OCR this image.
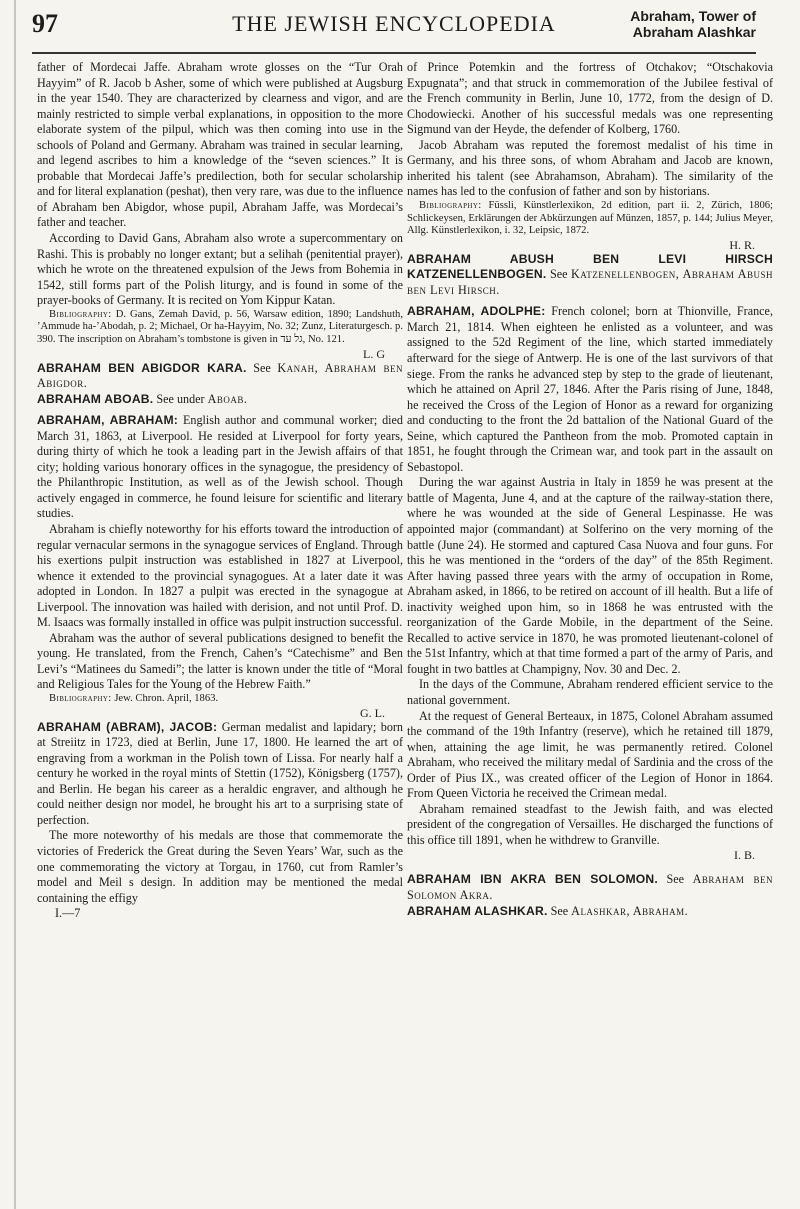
97	THE JEWISH ENCYCLOPEDIA	Abraham, Tower of
Abraham Alashkar

father of Mordecai Jaffe. Abraham wrote glosses on the “Tur Orah Hayyim” of R. Jacob b Asher, some of which were published at Augsburg in the year 1540. They are characterized by clearness and vigor, and are mainly restricted to simple verbal explanations, in opposition to the more elaborate system of the pilpul, which was then coming into use in the schools of Poland and Germany. Abraham was trained in secular learning, and legend ascribes to him a knowledge of the “seven sciences.” It is probable that Mordecai Jaffe’s predilection, both for secular scholarship and for literal explanation (peshat), then very rare, was due to the influence of Abraham ben Abigdor, whose pupil, Abraham Jaffe, was Mordecai’s father and teacher.

According to David Gans, Abraham also wrote a supercommentary on Rashi. This is probably no longer extant; but a selihah (penitential prayer), which he wrote on the threatened expulsion of the Jews from Bohemia in 1542, still forms part of the Polish liturgy, and is found in some of the prayer-books of Germany. It is recited on Yom Kippur Katan.

Bibliography: D. Gans, Zemah David, p. 56, Warsaw edition, 1890; Landshuth, ’Ammude ha-’Abodah, p. 2; Michael, Or ha-Hayyim, No. 32; Zunz, Literaturgesch. p. 390. The inscription on Abraham’s tombstone is given in גל עד, No. 121.

L. G

ABRAHAM BEN ABIGDOR KARA. See Kanah, Abraham ben Abigdor.

ABRAHAM ABOAB. See under Aboab.

ABRAHAM, ABRAHAM: English author and communal worker; died March 31, 1863, at Liverpool. He resided at Liverpool for forty years, during thirty of which he took a leading part in the Jewish affairs of that city; holding various honorary offices in the synagogue, the presidency of the Philanthropic Institution, as well as of the Jewish school. Though actively engaged in commerce, he found leisure for scientific and literary studies.

Abraham is chiefly noteworthy for his efforts toward the introduction of regular vernacular sermons in the synagogue services of England. Through his exertions pulpit instruction was established in 1827 at Liverpool, whence it extended to the provincial synagogues. At a later date it was adopted in London. In 1827 a pulpit was erected in the synagogue at Liverpool. The innovation was hailed with derision, and not until Prof. D. M. Isaacs was formally installed in office was pulpit instruction successful.

Abraham was the author of several publications designed to benefit the young. He translated, from the French, Cahen’s “Catechisme” and Ben Levi’s “Matinees du Samedi”; the latter is known under the title of “Moral and Religious Tales for the Young of the Hebrew Faith.”

Bibliography: Jew. Chron. April, 1863.

G. L.

ABRAHAM (ABRAM), JACOB: German medalist and lapidary; born at Streiitz in 1723, died at Berlin, June 17, 1800. He learned the art of engraving from a workman in the Polish town of Lissa. For nearly half a century he worked in the royal mints of Stettin (1752), Königsberg (1757), and Berlin. He began his career as a heraldic engraver, and although he could neither design nor model, he brought his art to a surprising state of perfection.

The more noteworthy of his medals are those that commemorate the victories of Frederick the Great during the Seven Years’ War, such as the one commemorating the victory at Torgau, in 1760, cut from Ramler’s model and Meil s design. In addition may be mentioned the medal containing the effigy

I.—7

of Prince Potemkin and the fortress of Otchakov; “Otschakovia Expugnata”; and that struck in commemoration of the Jubilee festival of the French community in Berlin, June 10, 1772, from the design of D. Chodowiecki. Another of his successful medals was one representing Sigmund van der Heyde, the defender of Kolberg, 1760.

Jacob Abraham was reputed the foremost medalist of his time in Germany, and his three sons, of whom Abraham and Jacob are known, inherited his talent (see Abrahamson, Abraham). The similarity of the names has led to the confusion of father and son by historians.

Bibliography: Füssli, Künstlerlexikon, 2d edition, part ii. 2, Zürich, 1806; Schlickeysen, Erklärungen der Abkürzungen auf Münzen, 1857, p. 144; Julius Meyer, Allg. Künstlerlexikon, i. 32, Leipsic, 1872.

H. R.

ABRAHAM ABUSH BEN LEVI HIRSCH KATZENELLENBOGEN. See Katzenellenbogen, Abraham Abush ben Levi Hirsch.

ABRAHAM, ADOLPHE: French colonel; born at Thionville, France, March 21, 1814. When eighteen he enlisted as a volunteer, and was assigned to the 52d Regiment of the line, which started immediately afterward for the siege of Antwerp. He is one of the last survivors of that siege. From the ranks he advanced step by step to the grade of lieutenant, which he attained on April 27, 1846. After the Paris rising of June, 1848, he received the Cross of the Legion of Honor as a reward for organizing and conducting to the front the 2d battalion of the National Guard of the Seine, which captured the Pantheon from the mob. Promoted captain in 1851, he fought through the Crimean war, and took part in the assault on Sebastopol.

During the war against Austria in Italy in 1859 he was present at the battle of Magenta, June 4, and at the capture of the railway-station there, where he was wounded at the side of General Lespinasse. He was appointed major (commandant) at Solferino on the very morning of the battle (June 24). He stormed and captured Casa Nuova and four guns. For this he was mentioned in the “orders of the day” of the 85th Regiment. After having passed three years with the army of occupation in Rome, Abraham asked, in 1866, to be retired on account of ill health. But a life of inactivity weighed upon him, so in 1868 he was entrusted with the reorganization of the Garde Mobile, in the department of the Seine. Recalled to active service in 1870, he was promoted lieutenant-colonel of the 51st Infantry, which at that time formed a part of the army of Paris, and fought in two battles at Champigny, Nov. 30 and Dec. 2.

In the days of the Commune, Abraham rendered efficient service to the national government.

At the request of General Berteaux, in 1875, Colonel Abraham assumed the command of the 19th Infantry (reserve), which he retained till 1879, when, attaining the age limit, he was permanently retired. Colonel Abraham, who received the military medal of Sardinia and the cross of the Order of Pius IX., was created officer of the Legion of Honor in 1864. From Queen Victoria he received the Crimean medal.

Abraham remained steadfast to the Jewish faith, and was elected president of the congregation of Versailles. He discharged the functions of this office till 1891, when he withdrew to Granville.

I. B.

ABRAHAM IBN AKRA BEN SOLOMON. See Abraham ben Solomon Akra.

ABRAHAM ALASHKAR. See Alashkar, Abraham.
